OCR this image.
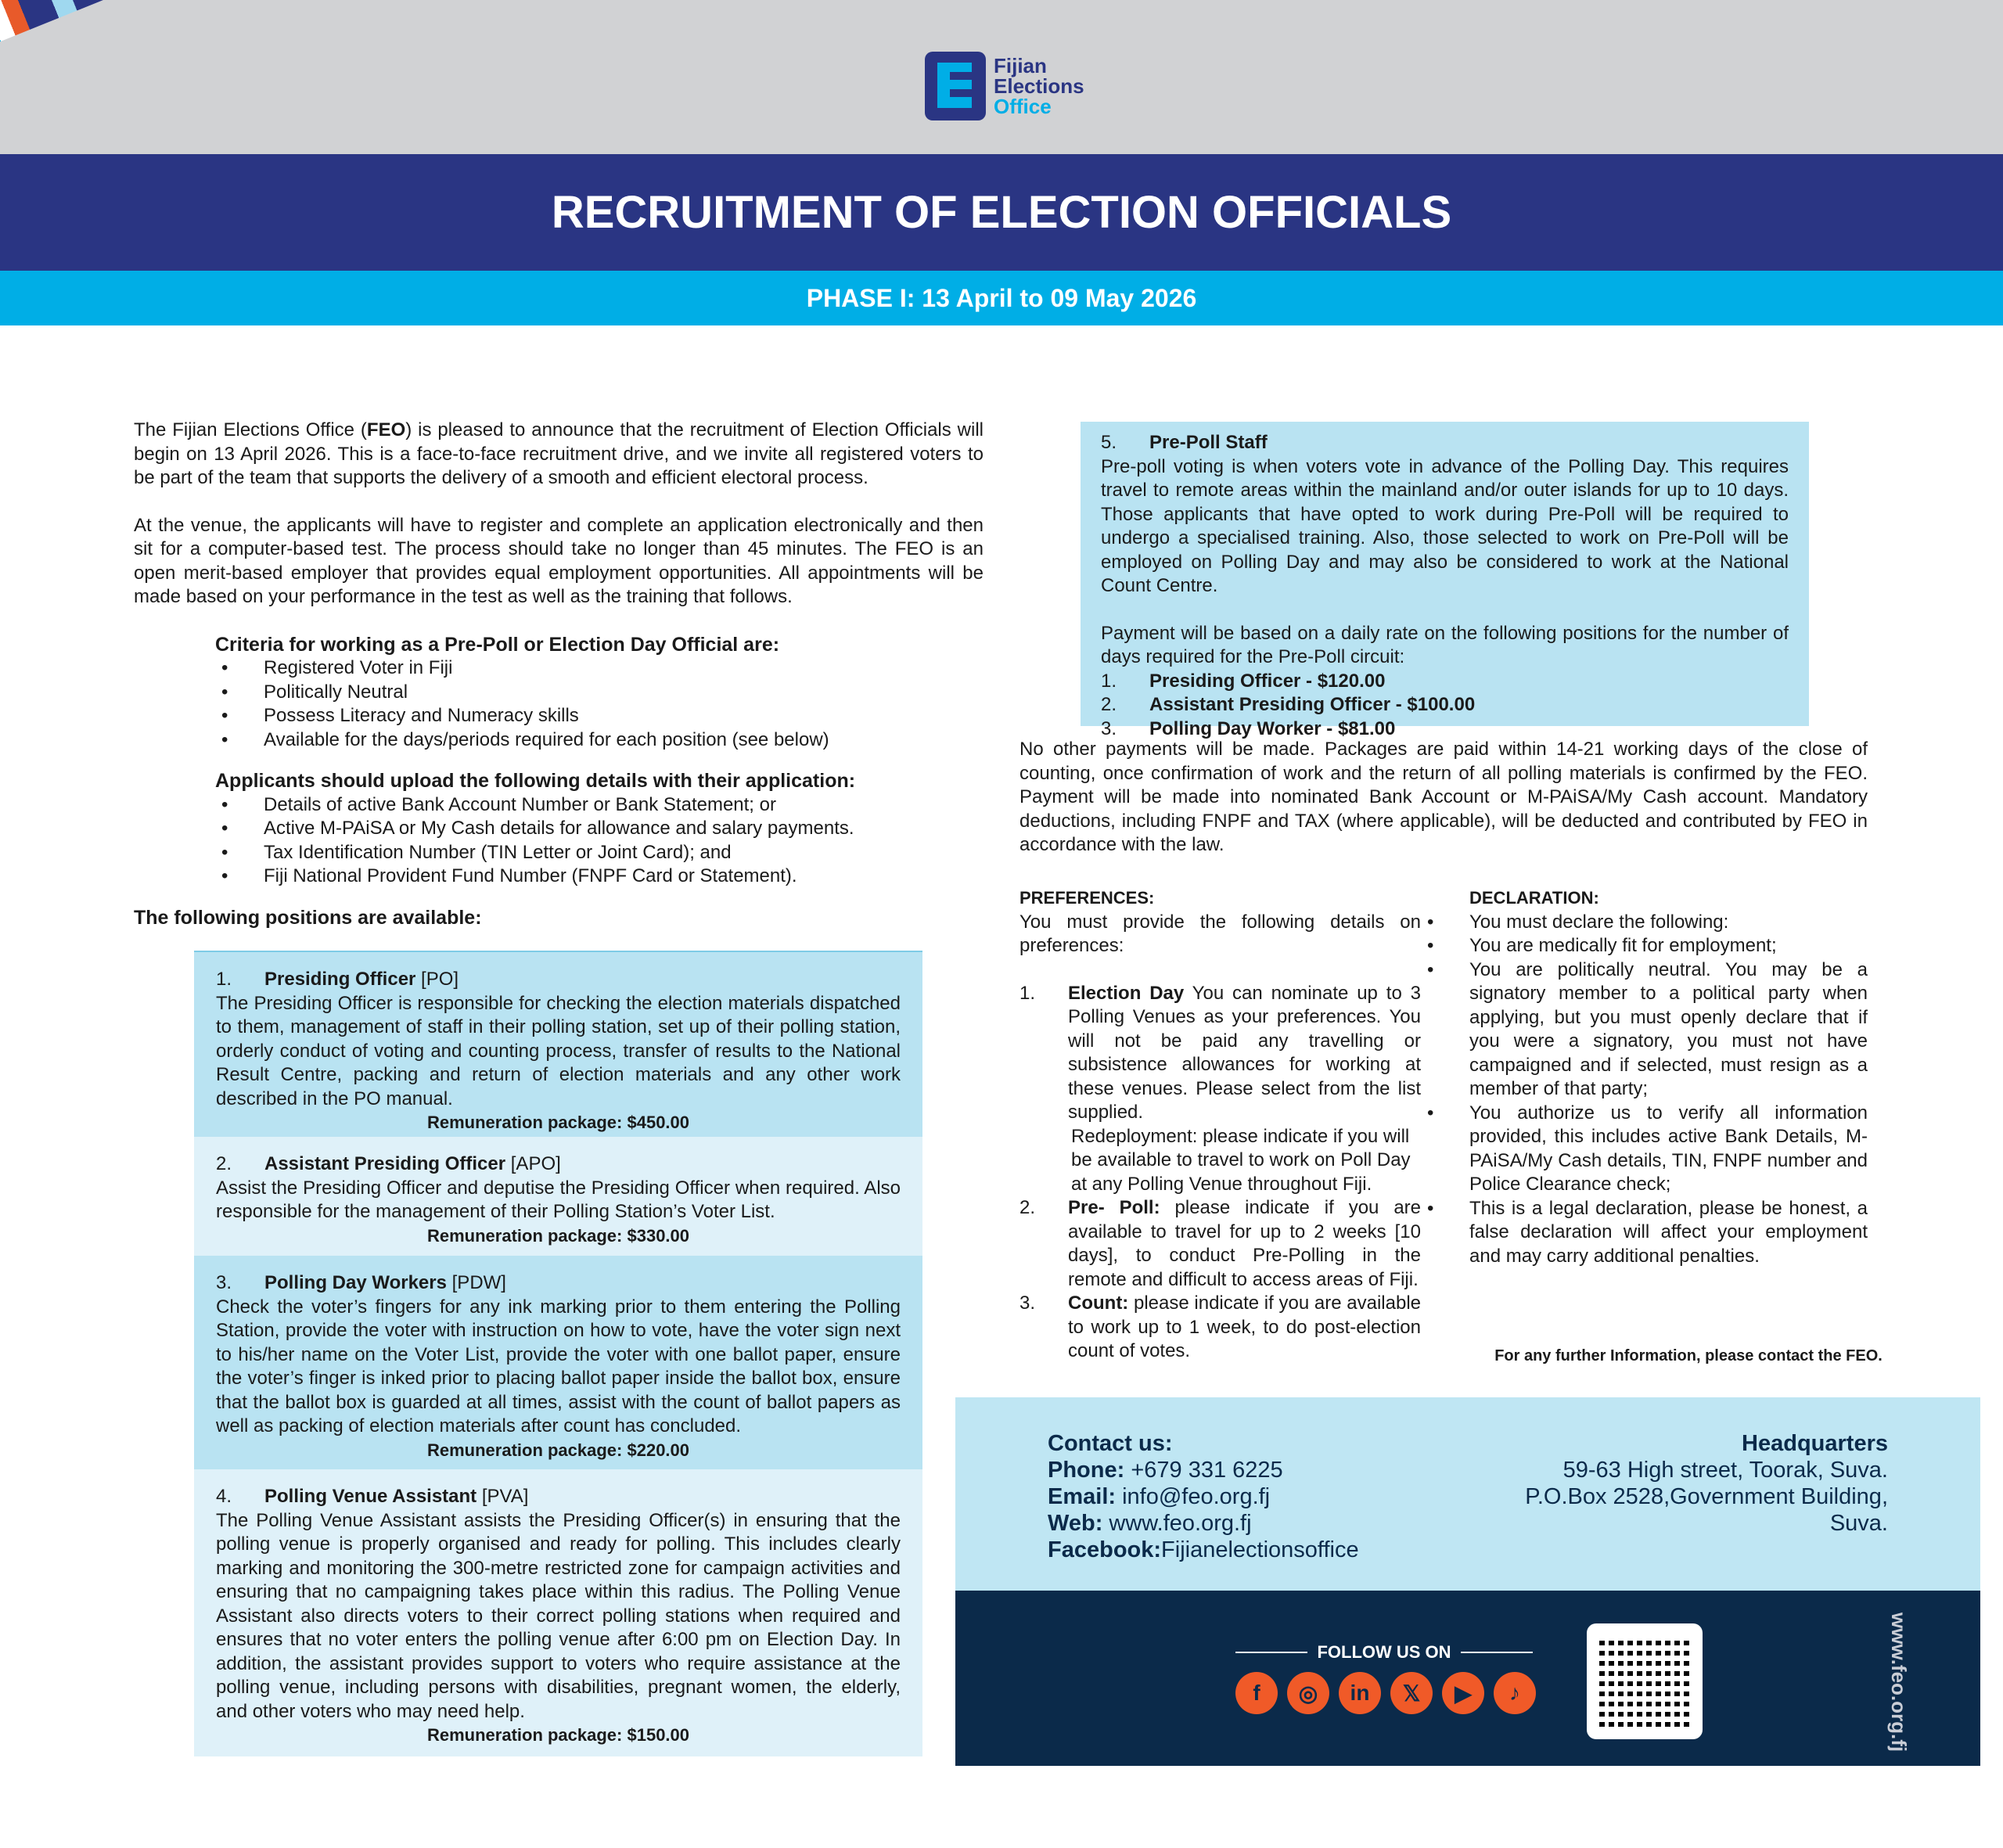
Fijian
Elections
Office
RECRUITMENT OF ELECTION OFFICIALS
PHASE I: 13 April to 09 May 2026

The Fijian Elections Office (FEO) is pleased to announce that the recruitment of Election Officials will begin on 13 April 2026. This is a face-to-face recruitment drive, and we invite all registered voters to be part of the team that supports the delivery of a smooth and efficient electoral process.

At the venue, the applicants will have to register and complete an application electronically and then sit for a computer-based test. The process should take no longer than 45 minutes. The FEO is an open merit-based employer that provides equal employment opportunities. All appointments will be made based on your performance in the test as well as the training that follows.

Criteria for working as a Pre-Poll or Election Day Official are:
• Registered Voter in Fiji
• Politically Neutral
• Possess Literacy and Numeracy skills
• Available for the days/periods required for each position (see below)
Applicants should upload the following details with their application:
• Details of active Bank Account Number or Bank Statement; or
• Active M-PAiSA or My Cash details for allowance and salary payments.
• Tax Identification Number (TIN Letter or Joint Card); and
• Fiji National Provident Fund Number (FNPF Card or Statement).
The following positions are available:
1. Presiding Officer [PO]
The Presiding Officer is responsible for checking the election materials dispatched to them, management of staff in their polling station, set up of their polling station, orderly conduct of voting and counting process, transfer of results to the National Result Centre, packing and return of election materials and any other work described in the PO manual.
Remuneration package: $450.00
2. Assistant Presiding Officer [APO]
Assist the Presiding Officer and deputise the Presiding Officer when required. Also responsible for the management of their Polling Station’s Voter List.
Remuneration package: $330.00
3. Polling Day Workers [PDW]
Check the voter’s fingers for any ink marking prior to them entering the Polling Station, provide the voter with instruction on how to vote, have the voter sign next to his/her name on the Voter List, provide the voter with one ballot paper, ensure the voter’s finger is inked prior to placing ballot paper inside the ballot box, ensure that the ballot box is guarded at all times, assist with the count of ballot papers as well as packing of election materials after count has concluded.
Remuneration package: $220.00
4. Polling Venue Assistant [PVA]
The Polling Venue Assistant assists the Presiding Officer(s) in ensuring that the polling venue is properly organised and ready for polling. This includes clearly marking and monitoring the 300-metre restricted zone for campaign activities and ensuring that no campaigning takes place within this radius. The Polling Venue Assistant also directs voters to their correct polling stations when required and ensures that no voter enters the polling venue after 6:00 pm on Election Day. In addition, the assistant provides support to voters who require assistance at the polling venue, including persons with disabilities, pregnant women, the elderly, and other voters who may need help.
Remuneration package: $150.00
5. Pre-Poll Staff

Pre-poll voting is when voters vote in advance of the Polling Day. This requires travel to remote areas within the mainland and/or outer islands for up to 10 days. Those applicants that have opted to work during Pre-Poll will be required to undergo a specialised training. Also, those selected to work on Pre-Poll will be employed on Polling Day and may also be considered to work at the National Count Centre.

Payment will be based on a daily rate on the following positions for the number of days required for the Pre-Poll circuit:
1. Presiding Officer - $120.00
2. Assistant Presiding Officer - $100.00
3. Polling Day Worker - $81.00
No other payments will be made. Packages are paid within 14-21 working days of the close of counting, once confirmation of work and the return of all polling materials is confirmed by the FEO. Payment will be made into nominated Bank Account or M-PAiSA/My Cash account. Mandatory deductions, including FNPF and TAX (where applicable), will be deducted and contributed by FEO in accordance with the law.
PREFERENCES:

You must provide the following details on preferences:

1. Election Day You can nominate up to 3 Polling Venues as your preferences. You will not be paid any travelling or subsistence allowances for working at these venues. Please select from the list supplied.
Redeployment: please indicate if you will be available to travel to work on Poll Day at any Polling Venue throughout Fiji.
2. Pre- Poll: please indicate if you are available to travel for up to 2 weeks [10 days], to conduct Pre-Polling in the remote and difficult to access areas of Fiji.
3. Count: please indicate if you are available to work up to 1 week, to do post-election count of votes.
DECLARATION:
• You must declare the following:
• You are medically fit for employment;
• You are politically neutral. You may be a signatory member to a political party when applying, but you must openly declare that if you were a signatory, you must not have campaigned and if selected, must resign as a member of that party;
• You authorize us to verify all information provided, this includes active Bank Details, M-PAiSA/My Cash details, TIN, FNPF number and Police Clearance check;
• This is a legal declaration, please be honest, a false declaration will affect your employment and may carry additional penalties.
For any further Information, please contact the FEO.
Contact us:
Phone: +679 331 6225
Email: info@feo.org.fj
Web: www.feo.org.fj
Facebook:Fijianelectionsoffice
Headquarters
59-63 High street, Toorak, Suva.
P.O.Box 2528,Government Building,
Suva.
FOLLOW US ON
f	◎	in	𝕏	▶	♪	www.feo.org.fj
